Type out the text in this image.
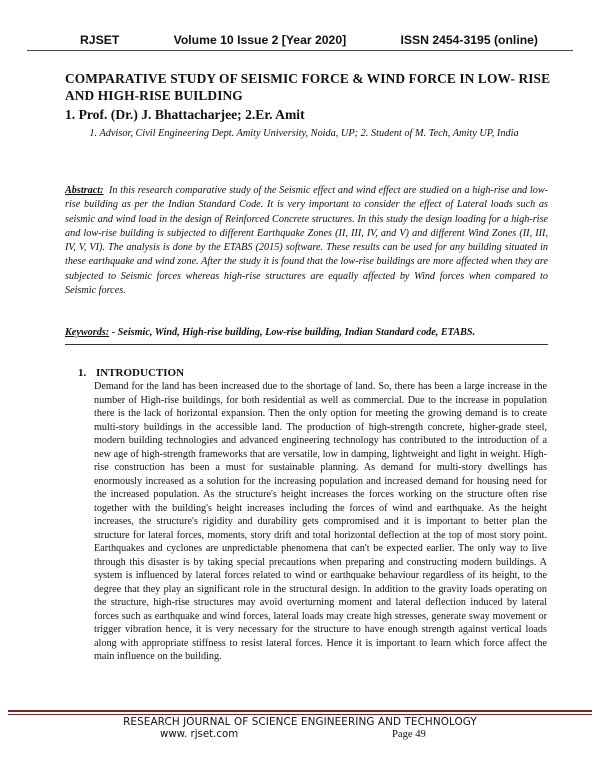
RJSET	Volume 10 Issue 2 [Year 2020]	ISSN 2454-3195 (online)
COMPARATIVE STUDY OF SEISMIC FORCE & WIND FORCE IN LOW- RISE AND HIGH-RISE BUILDING
1. Prof. (Dr.) J. Bhattacharjee; 2.Er. Amit
1. Advisor, Civil Engineering Dept. Amity University, Noida, UP; 2. Student of M. Tech, Amity UP, India
Abstract: In this research comparative study of the Seismic effect and wind effect are studied on a high-rise and low-rise building as per the Indian Standard Code. It is very important to consider the effect of Lateral loads such as seismic and wind load in the design of Reinforced Concrete structures. In this study the design loading for a high-rise and low-rise building is subjected to different Earthquake Zones (II, III, IV, and V) and different Wind Zones (II, III, IV, V, VI). The analysis is done by the ETABS (2015) software. These results can be used for any building situated in these earthquake and wind zone. After the study it is found that the low-rise buildings are more affected when they are subjected to Seismic forces whereas high-rise structures are equally affected by Wind forces when compared to Seismic forces.
Keywords: - Seismic, Wind, High-rise building, Low-rise building, Indian Standard code, ETABS.
1. INTRODUCTION
Demand for the land has been increased due to the shortage of land. So, there has been a large increase in the number of High-rise buildings, for both residential as well as commercial. Due to the increase in population there is the lack of horizontal expansion. Then the only option for meeting the growing demand is to create multi-story buildings in the accessible land. The production of high-strength concrete, higher-grade steel, modern building technologies and advanced engineering technology has contributed to the introduction of a new age of high-strength frameworks that are versatile, low in damping, lightweight and light in weight. High-rise construction has been a must for sustainable planning. As demand for multi-story dwellings has enormously increased as a solution for the increasing population and increased demand for housing need for the increased population. As the structure's height increases the forces working on the structure often rise together with the building's height increases including the forces of wind and earthquake. As the height increases, the structure's rigidity and durability gets compromised and it is important to better plan the structure for lateral forces, moments, story drift and total horizontal deflection at the top of most story point. Earthquakes and cyclones are unpredictable phenomena that can't be expected earlier. The only way to live through this disaster is by taking special precautions when preparing and constructing modern buildings. A system is influenced by lateral forces related to wind or earthquake behaviour regardless of its height, to the degree that they play an significant role in the structural design. In addition to the gravity loads operating on the structure, high-rise structures may avoid overturning moment and lateral deflection induced by lateral forces such as earthquake and wind forces, lateral loads may create high stresses, generate sway movement or trigger vibration hence, it is very necessary for the structure to have enough strength against vertical loads along with appropriate stiffness to resist lateral forces. Hence it is important to learn which force affect the main influence on the building.
RESEARCH JOURNAL OF SCIENCE ENGINEERING AND TECHNOLOGY
www. rjset.com	Page 49
